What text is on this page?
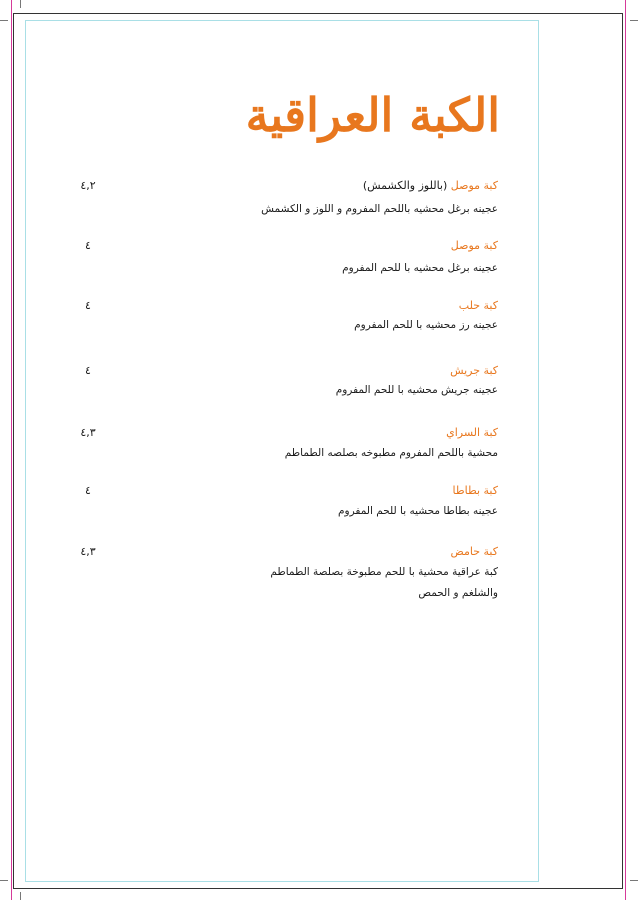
الكبة العراقية
كبة موصل (باللوز والكشمش)
عجينه برغل محشيه باللحم المفروم و اللوز و الكشمش
٤,٢
كبة موصل
عجينه برغل محشيه با للحم المفروم
٤
كبة حلب
عجينه رز محشيه با للحم المفروم
٤
كبة جريش
عجينه جريش محشيه با للحم المفروم
٤
كبة السراي
محشية باللحم المفروم مطبوخه بصلصه الطماطم
٤,٣
كبة بطاطا
عجينه بطاطا محشيه با للحم المفروم
٤
كبة حامض
كبة عراقية محشية با للحم مطبوخة بصلصة الطماطم
والشلغم و الحمص
٤,٣
